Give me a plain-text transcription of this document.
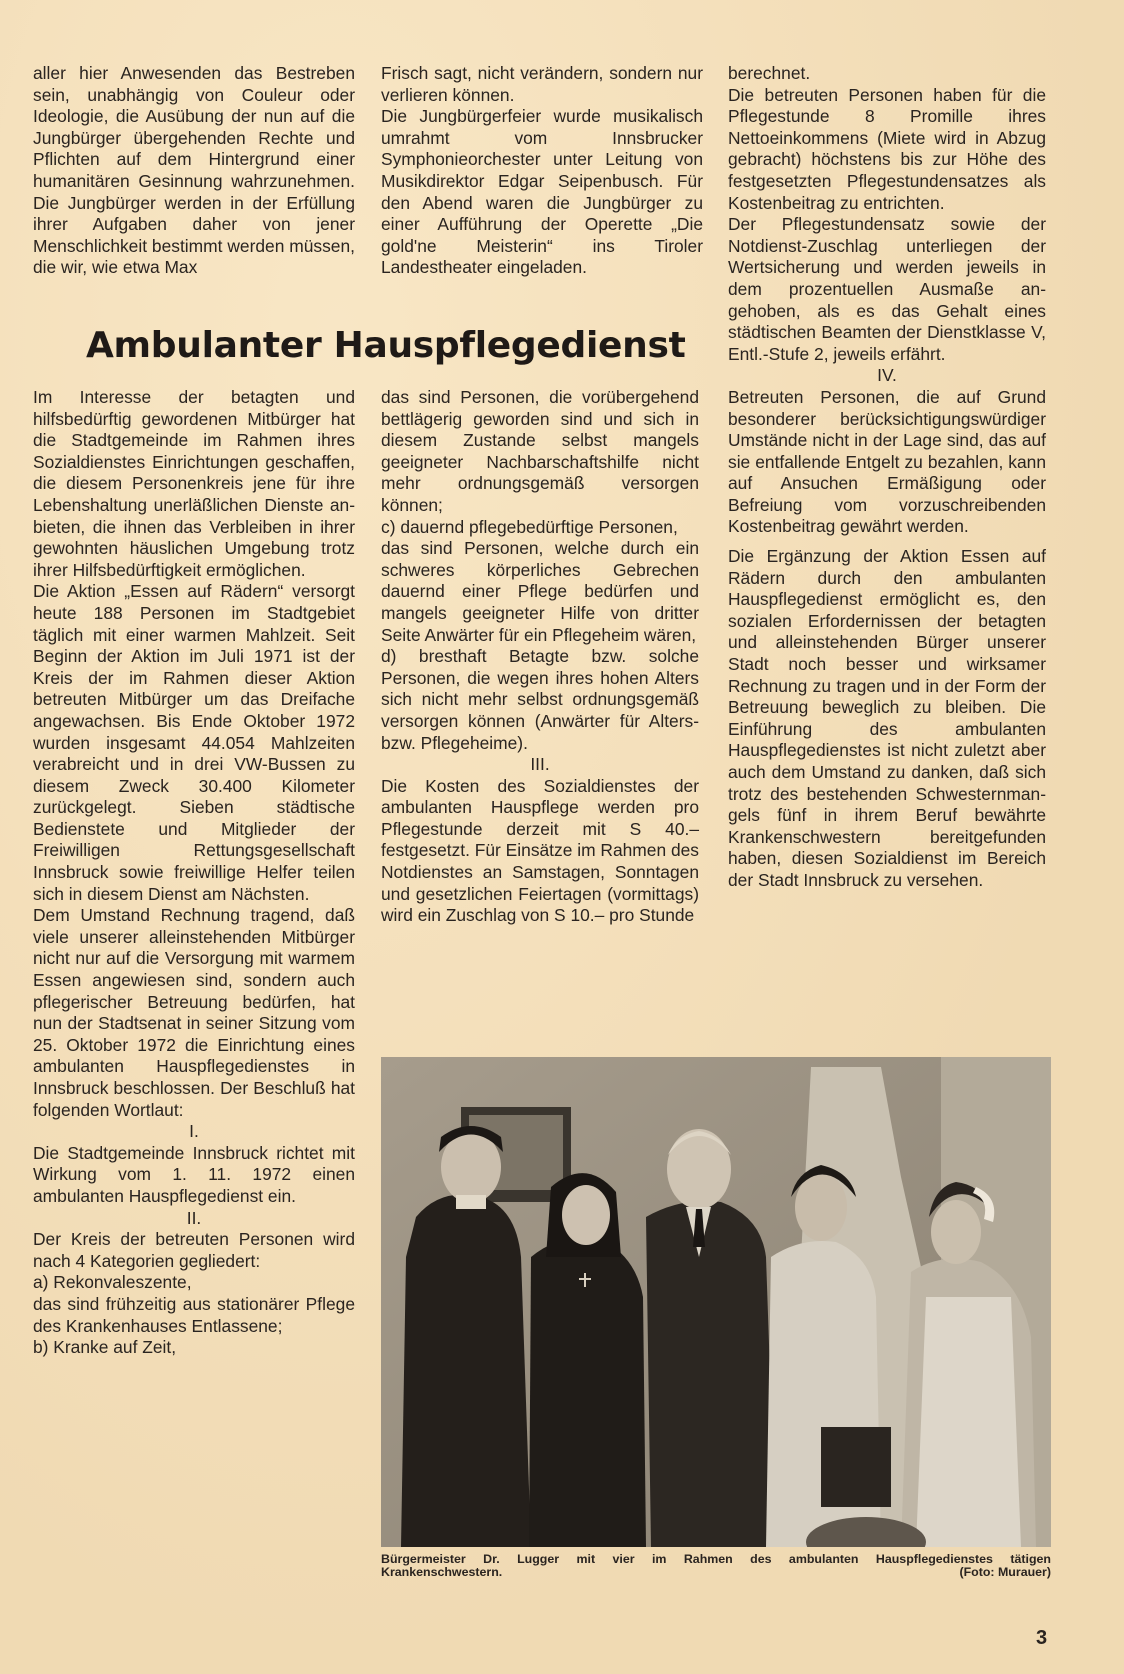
aller hier Anwesenden das Bestreben sein, unabhängig von Couleur oder Ideologie, die Ausübung der nun auf die Jungbürger übergehenden Rechte und Pflichten auf dem Hintergrund einer humanitären Gesinnung wahrzunehmen. Die Jungbürger werden in der Erfüllung ihrer Aufgaben daher von jener Menschlichkeit bestimmt werden müssen, die wir, wie etwa Max

Frisch sagt, nicht verändern, sondern nur verlieren können.

Die Jungbürgerfeier wurde musikalisch umrahmt vom Innsbrucker Symphonieorchester unter Leitung von Musikdirektor Edgar Seipenbusch. Für den Abend waren die Jungbürger zu einer Aufführung der Operette „Die gold'ne Meisterin“ ins Tiroler Landestheater eingeladen.

Ambulanter Hauspflegedienst

Im Interesse der betagten und hilfsbedürftig gewordenen Mitbürger hat die Stadtgemeinde im Rahmen ihres Sozialdienstes Einrichtungen geschaffen, die diesem Personenkreis jene für ihre Lebenshaltung unerläßlichen Dienste anbieten, die ihnen das Verbleiben in ihrer gewohnten häuslichen Umgebung trotz ihrer Hilfsbedürftigkeit ermöglichen.

Die Aktion „Essen auf Rädern“ versorgt heute 188 Personen im Stadtgebiet täglich mit einer warmen Mahlzeit. Seit Beginn der Aktion im Juli 1971 ist der Kreis der im Rahmen dieser Aktion betreuten Mitbürger um das Dreifache angewachsen. Bis Ende Oktober 1972 wurden insgesamt 44.054 Mahlzeiten verabreicht und in drei VW-Bussen zu diesem Zweck 30.400 Kilometer zurückgelegt. Sieben städtische Bedienstete und Mitglieder der Freiwilligen Rettungsgesellschaft Innsbruck sowie freiwillige Helfer teilen sich in diesem Dienst am Nächsten.

Dem Umstand Rechnung tragend, daß viele unserer alleinstehenden Mitbürger nicht nur auf die Versorgung mit warmem Essen angewiesen sind, sondern auch pflegerischer Betreuung bedürfen, hat nun der Stadtsenat in seiner Sitzung vom 25. Oktober 1972 die Einrichtung eines ambulanten Hauspflegedienstes in Innsbruck beschlossen. Der Beschluß hat folgenden Wortlaut:

I.

Die Stadtgemeinde Innsbruck richtet mit Wirkung vom 1. 11. 1972 einen ambulanten Hauspflegedienst ein.

II.

Der Kreis der betreuten Personen wird nach 4 Kategorien gegliedert:

a) Rekonvaleszente,

das sind frühzeitig aus stationärer Pflege des Krankenhauses Entlassene;

b) Kranke auf Zeit,

das sind Personen, die vorübergehend bettlägerig geworden sind und sich in diesem Zustande selbst mangels geeigneter Nachbarschaftshilfe nicht mehr ordnungsgemäß versorgen können;

c) dauernd pflegebedürftige Personen,

das sind Personen, welche durch ein schweres körperliches Gebrechen dauernd einer Pflege bedürfen und mangels geeigneter Hilfe von dritter Seite Anwärter für ein Pflegeheim wären,

d) bresthaft Betagte bzw. solche Personen, die wegen ihres hohen Alters sich nicht mehr selbst ordnungsgemäß versorgen können (Anwärter für Alters- bzw. Pflegeheime).

III.

Die Kosten des Sozialdienstes der ambulanten Hauspflege werden pro Pflegestunde derzeit mit S 40.– festgesetzt. Für Einsätze im Rahmen des Notdienstes an Samstagen, Sonntagen und gesetzlichen Feiertagen (vormittags) wird ein Zuschlag von S 10.– pro Stunde

berechnet.

Die betreuten Personen haben für die Pflegestunde 8 Promille ihres Nettoeinkommens (Miete wird in Abzug gebracht) höchstens bis zur Höhe des festgesetzten Pflegestundensatzes als Kostenbeitrag zu entrichten.

Der Pflegestundensatz sowie der Notdienst-Zuschlag unterliegen der Wertsicherung und werden jeweils in dem prozentuellen Ausmaße angehoben, als es das Gehalt eines städtischen Beamten der Dienstklasse V, Entl.-Stufe 2, jeweils erfährt.

IV.

Betreuten Personen, die auf Grund besonderer berücksichtigungswürdiger Umstände nicht in der Lage sind, das auf sie entfallende Entgelt zu bezahlen, kann auf Ansuchen Ermäßigung oder Befreiung vom vorzuschreibenden Kostenbeitrag gewährt werden.

Die Ergänzung der Aktion Essen auf Rädern durch den ambulanten Hauspflegedienst ermöglicht es, den sozialen Erfordernissen der betagten und alleinstehenden Bürger unserer Stadt noch besser und wirksamer Rechnung zu tragen und in der Form der Betreuung beweglich zu bleiben. Die Einführung des ambulanten Hauspflegedienstes ist nicht zuletzt aber auch dem Umstand zu danken, daß sich trotz des bestehenden Schwesternmangels fünf in ihrem Beruf bewährte Krankenschwestern bereitgefunden haben, diesen Sozialdienst im Bereich der Stadt Innsbruck zu versehen.

Bürgermeister Dr. Lugger mit vier im Rahmen des ambulanten Hauspflegedienstes tätigen
Krankenschwestern.	(Foto: Murauer)
3
